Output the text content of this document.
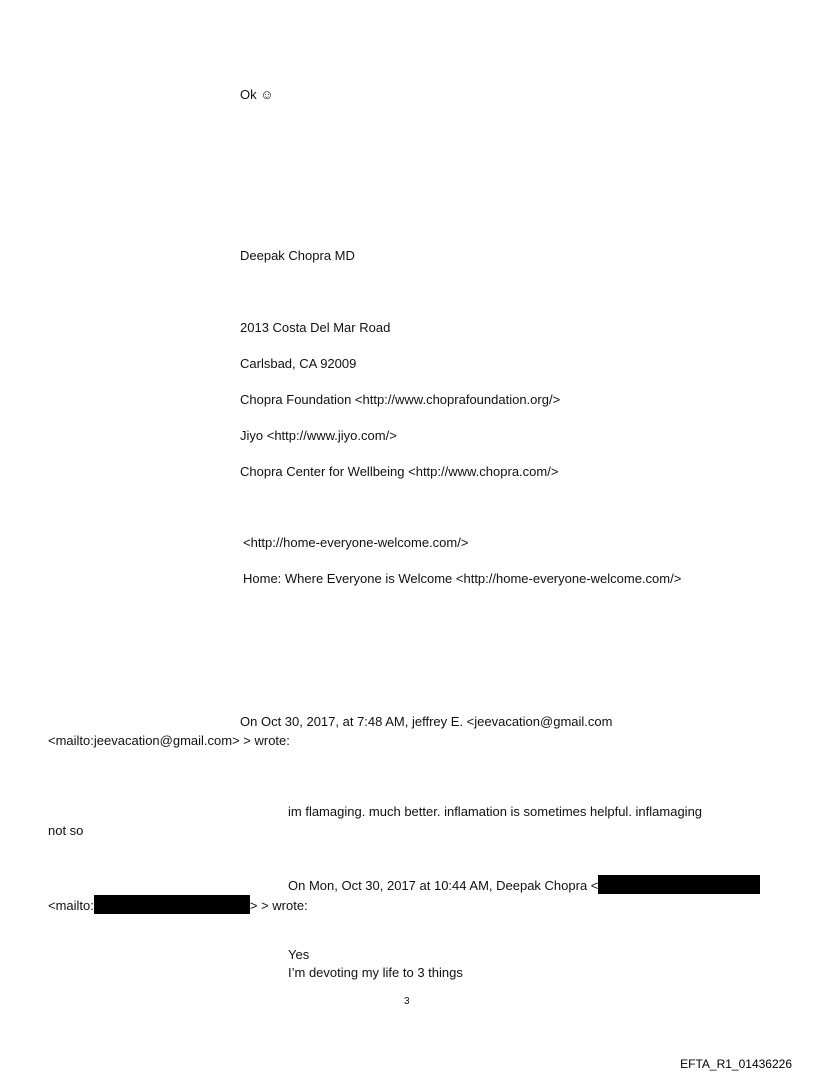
Ok ☺
Deepak Chopra MD
2013 Costa Del Mar Road
Carlsbad, CA 92009
Chopra Foundation <http://www.choprafoundation.org/>
Jiyo <http://www.jiyo.com/>
Chopra Center for Wellbeing <http://www.chopra.com/>
<http://home-everyone-welcome.com/>
Home: Where Everyone is Welcome <http://home-everyone-welcome.com/>
On Oct 30, 2017, at 7:48 AM, jeffrey E. <jeevacation@gmail.com
<mailto:jeevacation@gmail.com> > wrote:
im flamaging. much better. inflamation is sometimes helpful. inflamaging
not so
On Mon, Oct 30, 2017 at 10:44 AM, Deepak Chopra <
<mailto:	> > wrote:
Yes
I’m devoting my life to 3 things
3
EFTA_R1_01436226
